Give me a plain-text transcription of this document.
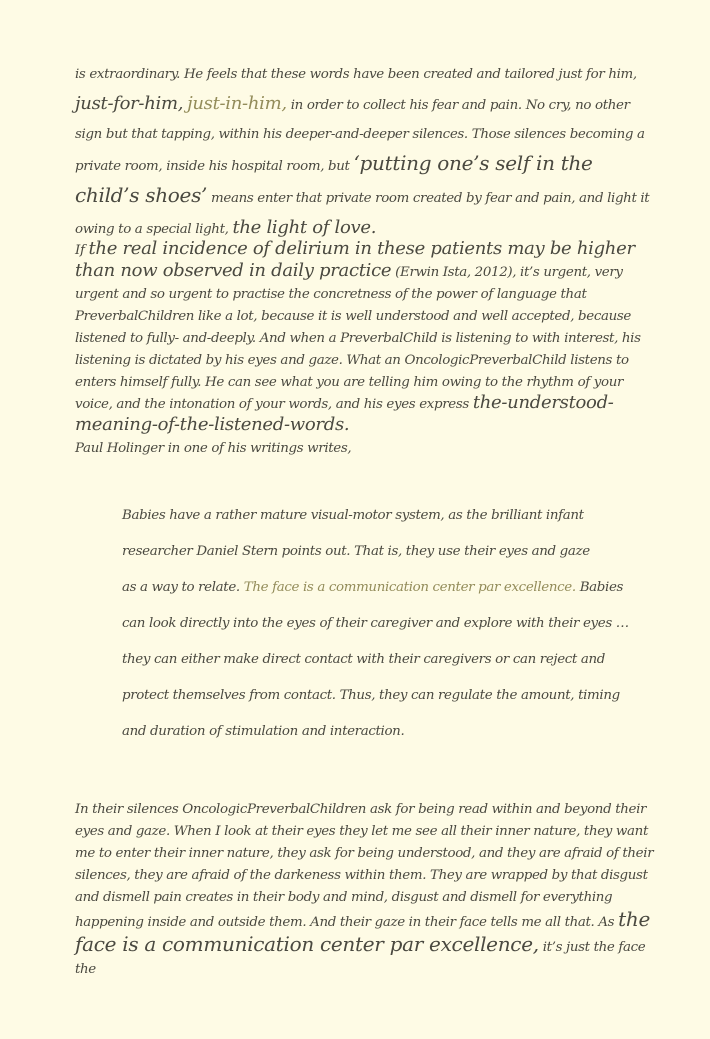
is extraordinary. He feels that these words have been created and tailored just for him,
just-for-him, just-in-him, in order to collect his fear and pain. No cry, no other sign but that tapping, within his deeper-and-deeper silences. Those silences becoming a private room, inside his hospital room, but ‘putting one’s self in the child’s shoes’ means enter that private room created by fear and pain, and light it owing to a special light, the light of love.

If the real incidence of delirium in these patients may be higher than now observed in daily practice (Erwin Ista, 2012), it’s urgent, very urgent and so urgent to practise the concretness of the power of language that PreverbalChildren like a lot, because it is well understood and well accepted, because listened to fully- and-deeply. And when a PreverbalChild is listening to with interest, his listening is dictated by his eyes and gaze. What an OncologicPreverbalChild listens to enters himself fully. He can see what you are telling him owing to the rhythm of your voice, and the intonation of your words, and his eyes express the-understood-meaning-of-the-listened-words.
Paul Holinger in one of his writings writes,

Babies have a rather mature visual-motor system, as the brilliant infant
researcher Daniel Stern points out. That is, they use their eyes and gaze
as a way to relate. The face is a communication center par excellence. Babies
can look directly into the eyes of their caregiver and explore with their eyes …
they can either make direct contact with their caregivers or can reject and
protect themselves from contact. Thus, they can regulate the amount, timing
and duration of stimulation and interaction.

In their silences OncologicPreverbalChildren ask for being read within and beyond their eyes and gaze. When I look at their eyes they let me see all their inner nature, they want me to enter their inner nature, they ask for being understood, and they are afraid of their silences, they are afraid of the darkeness within them. They are wrapped by that disgust and dismell pain creates in their body and mind, disgust and dismell for everything happening inside and outside them. And their gaze in their face tells me all that. As the face is a communication center par excellence, it’s just the face the
